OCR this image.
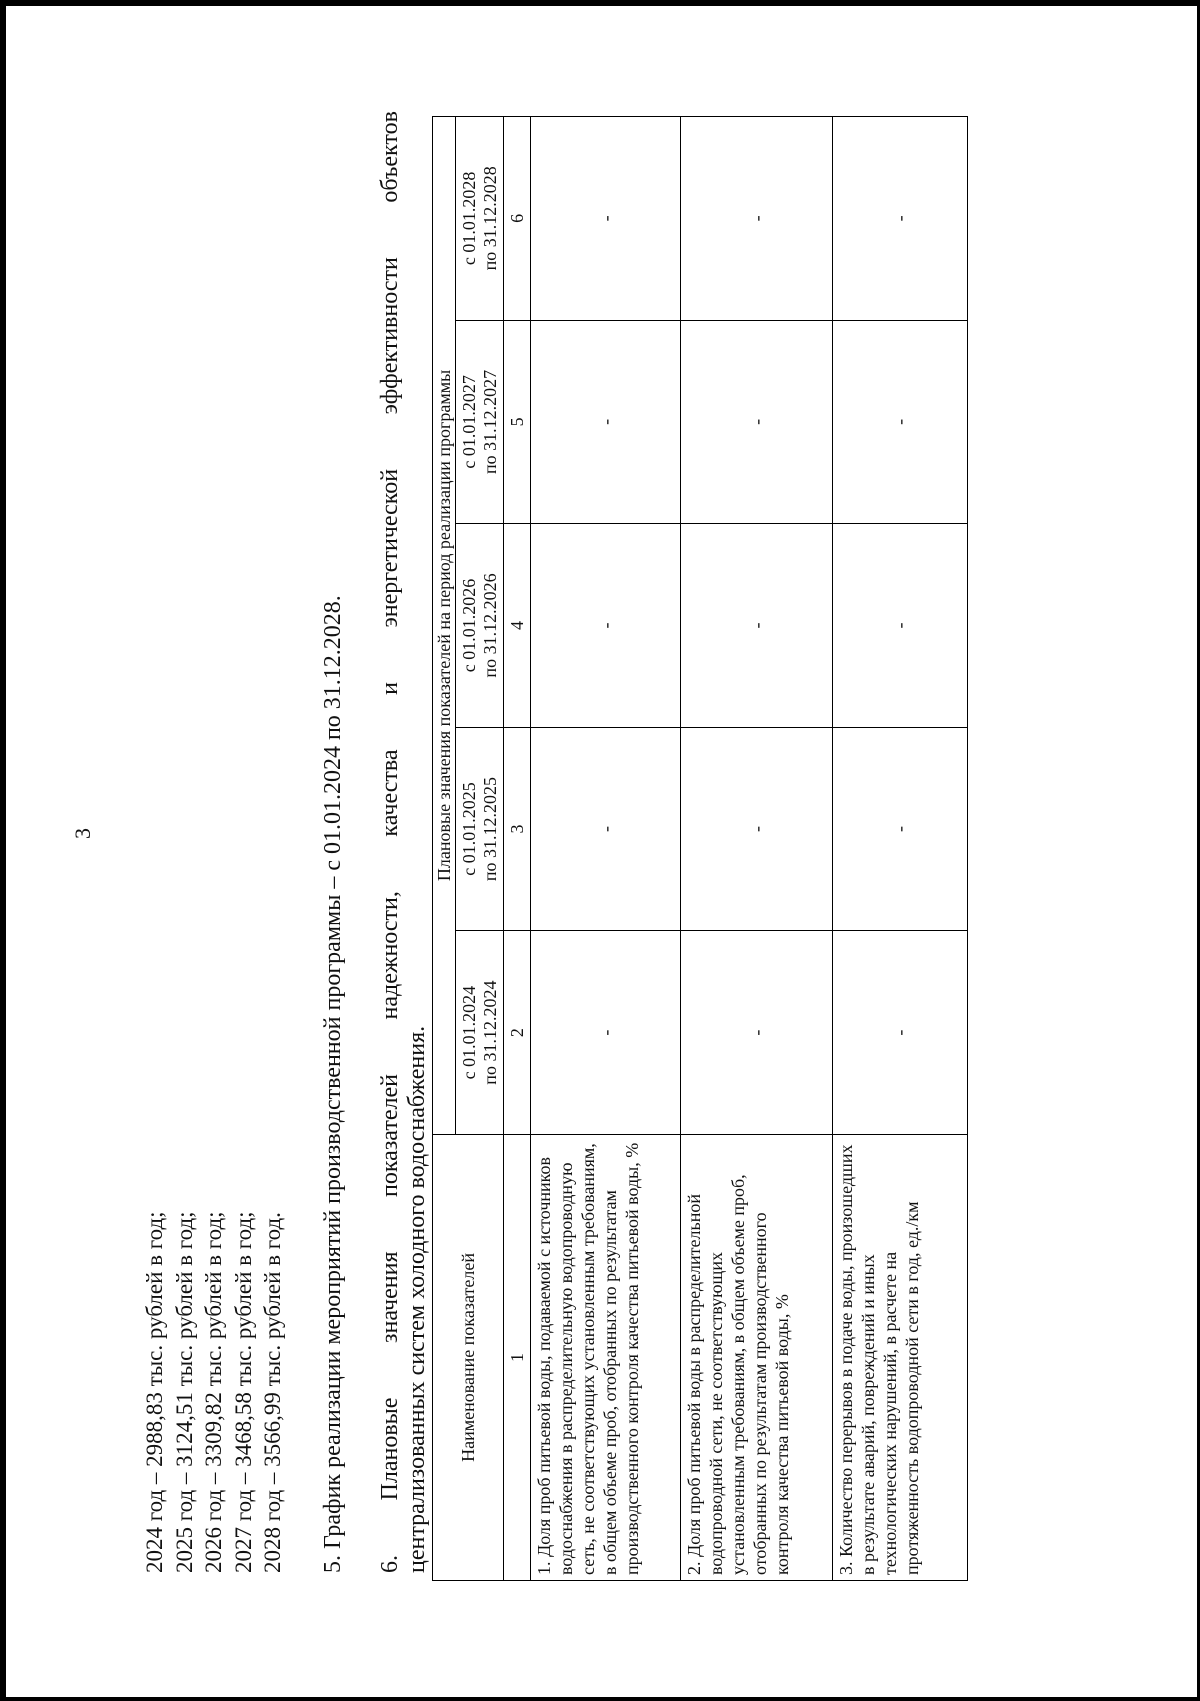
3
2024 год – 2988,83 тыс. рублей в год; 2025 год – 3124,51 тыс. рублей в год; 2026 год – 3309,82 тыс. рублей в год; 2027 год – 3468,58 тыс. рублей в год; 2028 год – 3566,99 тыс. рублей в год. 5. График реализации мероприятий производственной программы – с 01.01.2024 по 31.12.2028. 6.
Плановые
значения
показателей
надежности,
качества
и
энергетической
эффективности
объектов
централизованных систем холодного водоснабжения. Наименование показателей	Плановые значения показателей на период реализации программы				
	с 01.01.2024
по 31.12.2024	с 01.01.2025
по 31.12.2025	с 01.01.2026
по 31.12.2026	с 01.01.2027
по 31.12.2027	с 01.01.2028
по 31.12.2028
1	2	3	4	5	6
1. Доля проб питьевой воды, подаваемой с источников водоснабжения в распределительную водопроводную сеть, не соответствующих установленным требованиям, в общем объеме проб, отобранных по результатам производственного контроля качества питьевой воды, %	-	-	-	-	-
2. Доля проб питьевой воды в распределительной водопроводной сети, не соответствующих установленным требованиям, в общем объеме проб, отобранных по результатам производственного контроля качества питьевой воды, %	-	-	-	-	-
3. Количество перерывов в подаче воды, произошедших в результате аварий, повреждений и иных технологических нарушений, в расчете на протяженность водопроводной сети в год, ед./км	-	-	-	-	-
